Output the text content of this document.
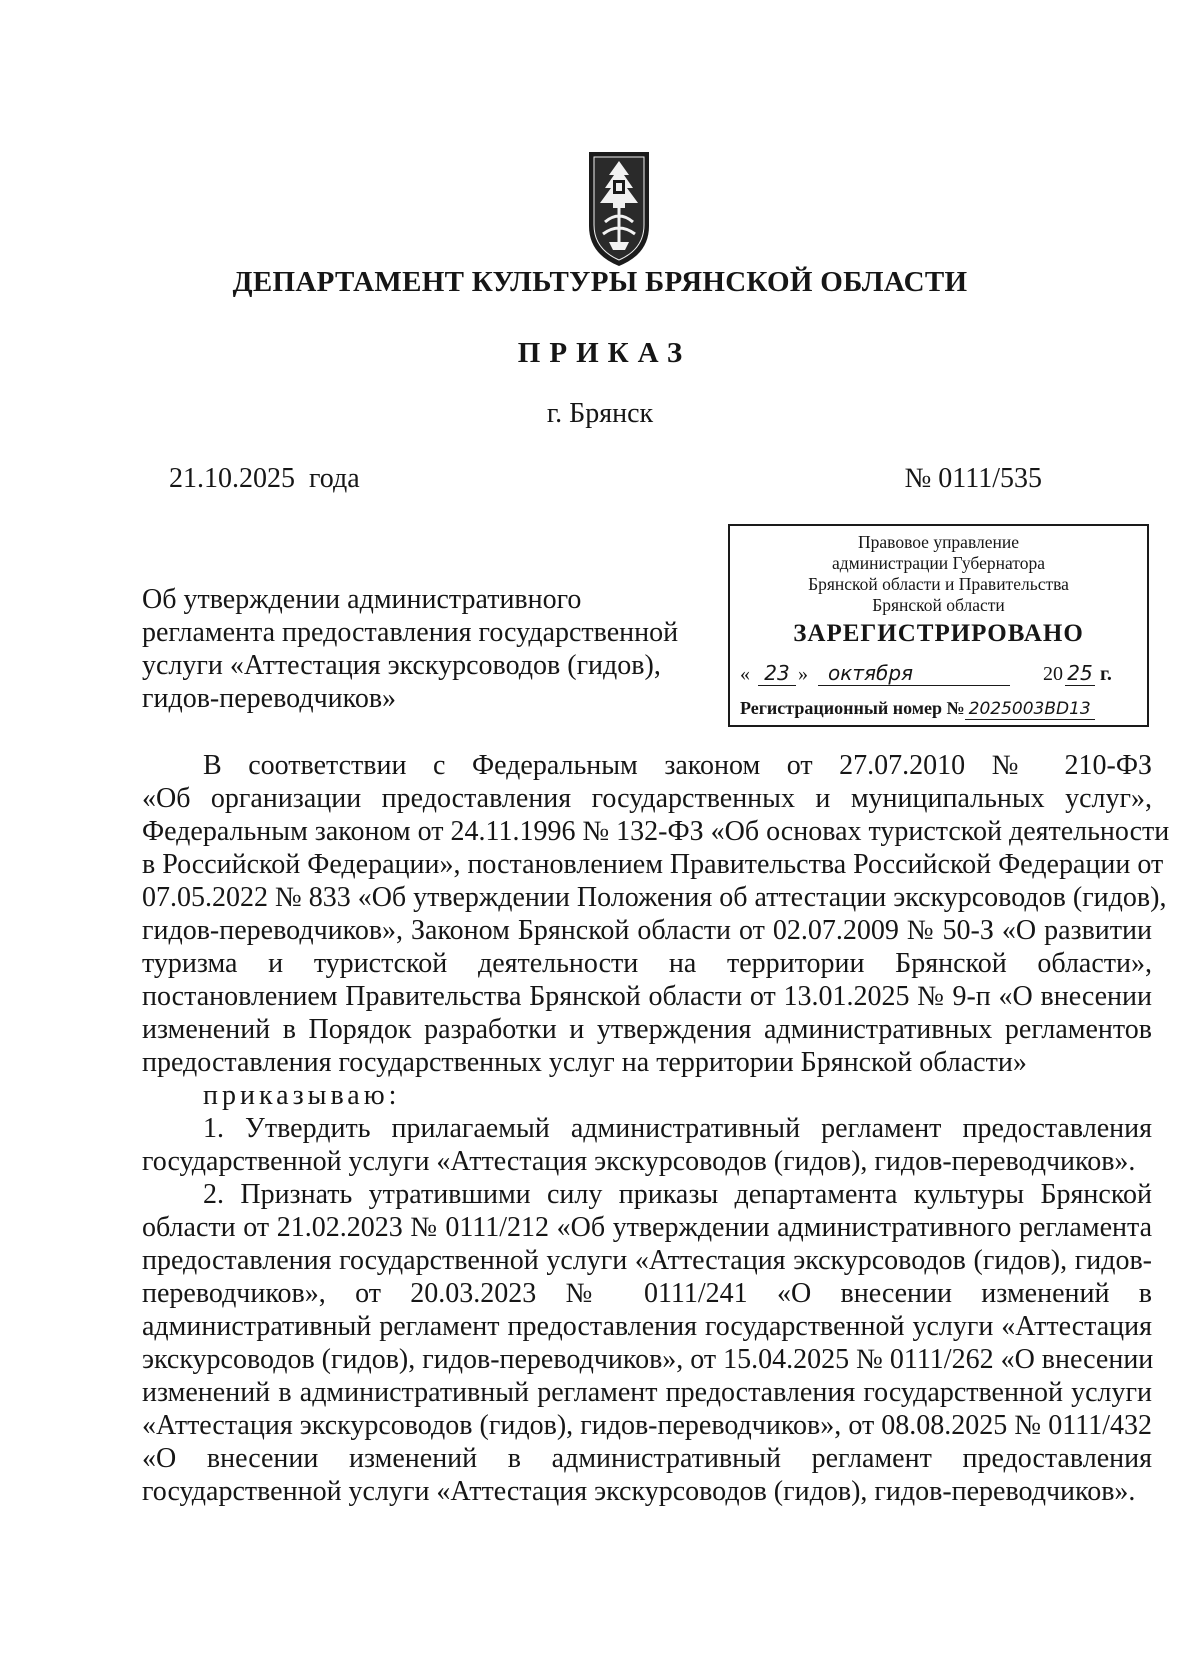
ДЕПАРТАМЕНТ КУЛЬТУРЫ БРЯНСКОЙ ОБЛАСТИ
ПРИКАЗ
г. Брянск
21.10.2025  года	№ 0111/535
Об утверждении административного
регламента предоставления государственной
услуги «Аттестация экскурсоводов (гидов),
гидов-переводчиков»
Правовое управление
администрации Губернатора
Брянской области и Правительства
Брянской области
ЗАРЕГИСТРИРОВАНО
« 23 »	октября	20 25 г.
Регистрационный номер № 2025003BD13
В соответствии с Федеральным законом от 27.07.2010 № 210-ФЗ
«Об организации предоставления государственных и муниципальных услуг»,
Федеральным законом от 24.11.1996 № 132-ФЗ «Об основах туристской деятельности
в Российской Федерации», постановлением Правительства Российской Федерации от
07.05.2022 № 833 «Об утверждении Положения об аттестации экскурсоводов (гидов),
гидов-переводчиков», Законом Брянской области от 02.07.2009 № 50-З «О развитии
туризма и туристской деятельности на территории Брянской области»,
постановлением Правительства Брянской области от 13.01.2025 № 9-п «О внесении
изменений в Порядок разработки и утверждения административных регламентов
предоставления государственных услуг на территории Брянской области»
приказываю:
1. Утвердить прилагаемый административный регламент предоставления
государственной услуги «Аттестация экскурсоводов (гидов), гидов-переводчиков».
2. Признать утратившими силу приказы департамента культуры Брянской
области от 21.02.2023 № 0111/212 «Об утверждении административного регламента
предоставления государственной услуги «Аттестация экскурсоводов (гидов), гидов-
переводчиков», от 20.03.2023 № 0111/241 «О внесении изменений в
административный регламент предоставления государственной услуги «Аттестация
экскурсоводов (гидов), гидов-переводчиков», от 15.04.2025 № 0111/262 «О внесении
изменений в административный регламент предоставления государственной услуги
«Аттестация экскурсоводов (гидов), гидов-переводчиков», от 08.08.2025 № 0111/432
«О внесении изменений в административный регламент предоставления
государственной услуги «Аттестация экскурсоводов (гидов), гидов-переводчиков».
